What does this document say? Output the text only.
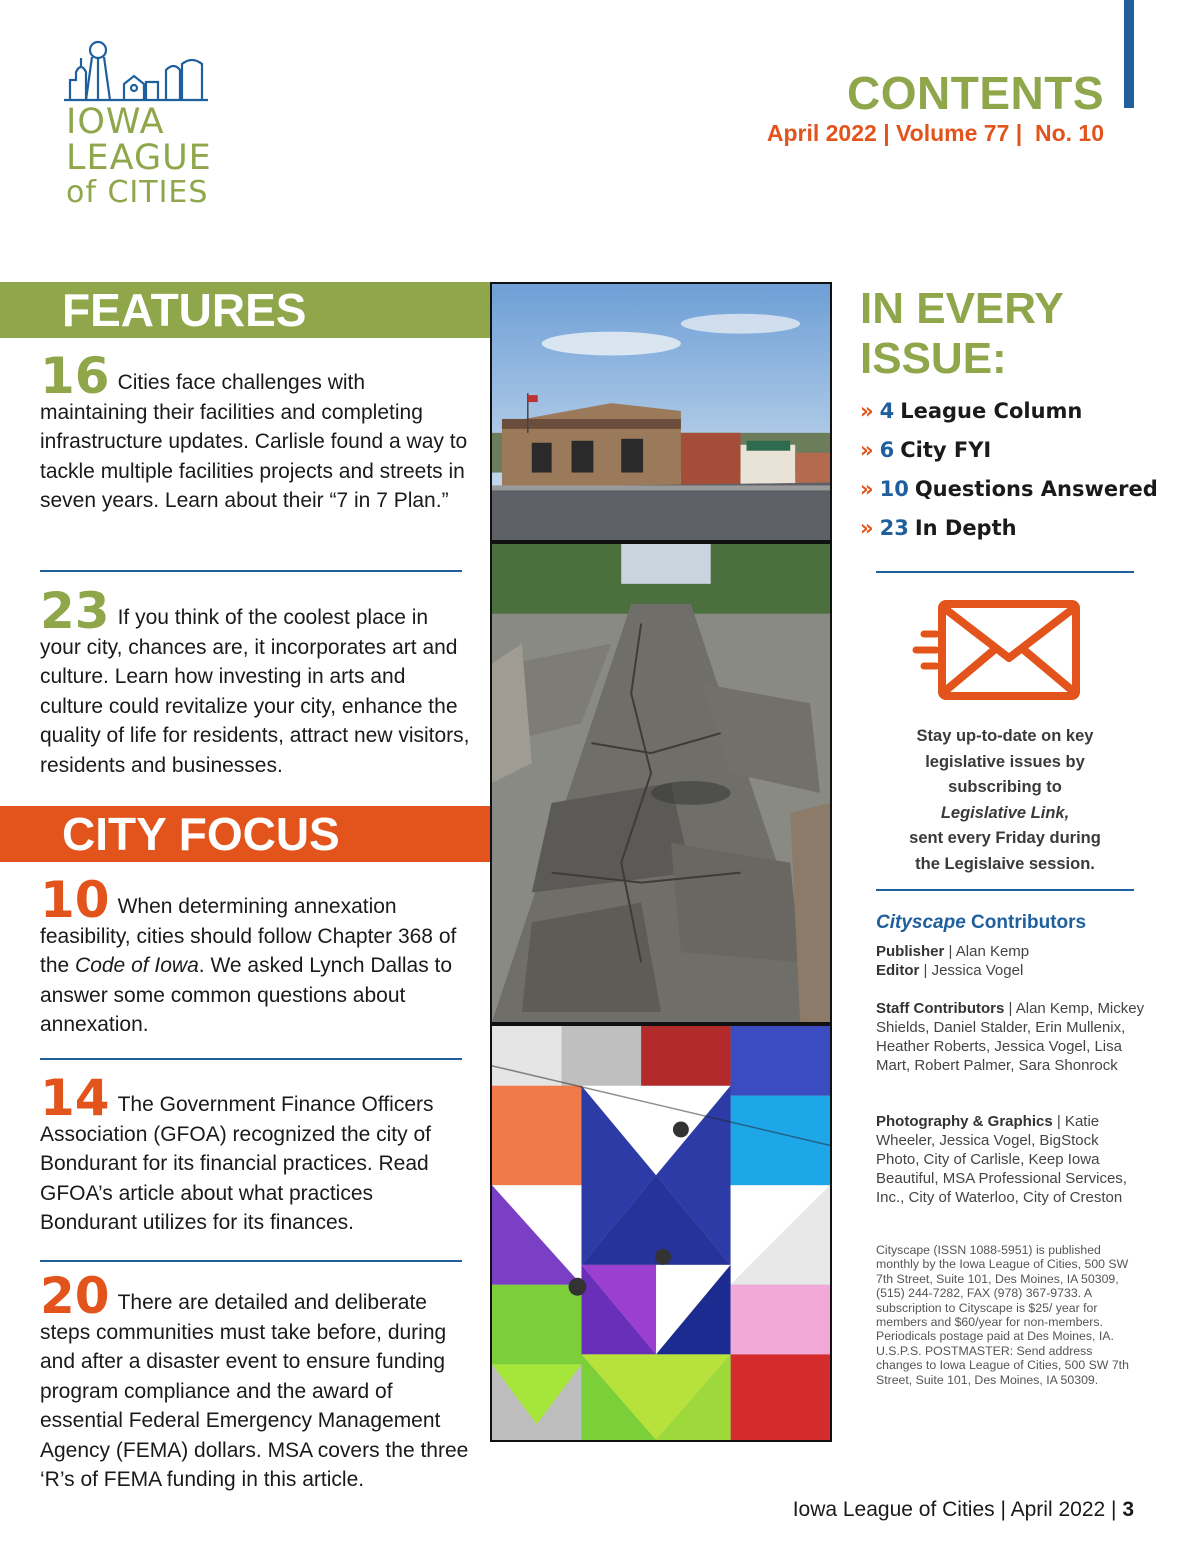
CONTENTS
April 2022 | Volume 77 |  No. 10
IOWA
LEAGUE
of CITIES
FEATURES
16 Cities face challenges with maintaining their facilities and completing infrastructure updates. Carlisle found a way to tackle multiple facilities projects and streets in seven years. Learn about their “7 in 7 Plan.”
23 If you think of the coolest place in your city, chances are, it incorporates art and culture. Learn how investing in arts and culture could revitalize your city, enhance the quality of life for residents, attract new visitors, residents and businesses.
CITY FOCUS
10 When determining annexation feasibility, cities should follow Chapter 368 of the Code of Iowa. We asked Lynch Dallas to answer some common questions about annexation.
14 The Government Finance Officers Association (GFOA) recognized the city of Bondurant for its financial practices. Read GFOA’s article about what practices Bondurant utilizes for its finances.
20 There are detailed and deliberate steps communities must take before, during and after a disaster event to ensure funding program compliance and the award of essential Federal Emergency Management Agency (FEMA) dollars. MSA covers the three ‘R’s of FEMA funding in this article.
IN EVERY
ISSUE:
» 4 League Column
» 6 City FYI
» 10 Questions Answered
» 23 In Depth
Stay up-to-date on key
legislative issues by
subscribing to
Legislative Link,
sent every Friday during
the Legislaive session.
Cityscape Contributors
Publisher | Alan Kemp
Editor | Jessica Vogel
Staff Contributors | Alan Kemp, Mickey Shields, Daniel Stalder, Erin Mullenix, Heather Roberts, Jessica Vogel, Lisa Mart, Robert Palmer, Sara Shonrock
Photography & Graphics | Katie Wheeler, Jessica Vogel, BigStock Photo, City of Carlisle, Keep Iowa Beautiful, MSA Professional Services, Inc., City of Waterloo, City of Creston
Cityscape (ISSN 1088-5951) is published monthly by the Iowa League of Cities, 500 SW 7th Street, Suite 101, Des Moines, IA 50309, (515) 244-7282, FAX (978) 367-9733. A subscription to Cityscape is $25/ year for members and $60/year for non-members. Periodicals postage paid at Des Moines, IA. U.S.P.S. POSTMASTER: Send address changes to Iowa League of Cities, 500 SW 7th Street, Suite 101, Des Moines, IA 50309.
Iowa League of Cities | April 2022 | 3
